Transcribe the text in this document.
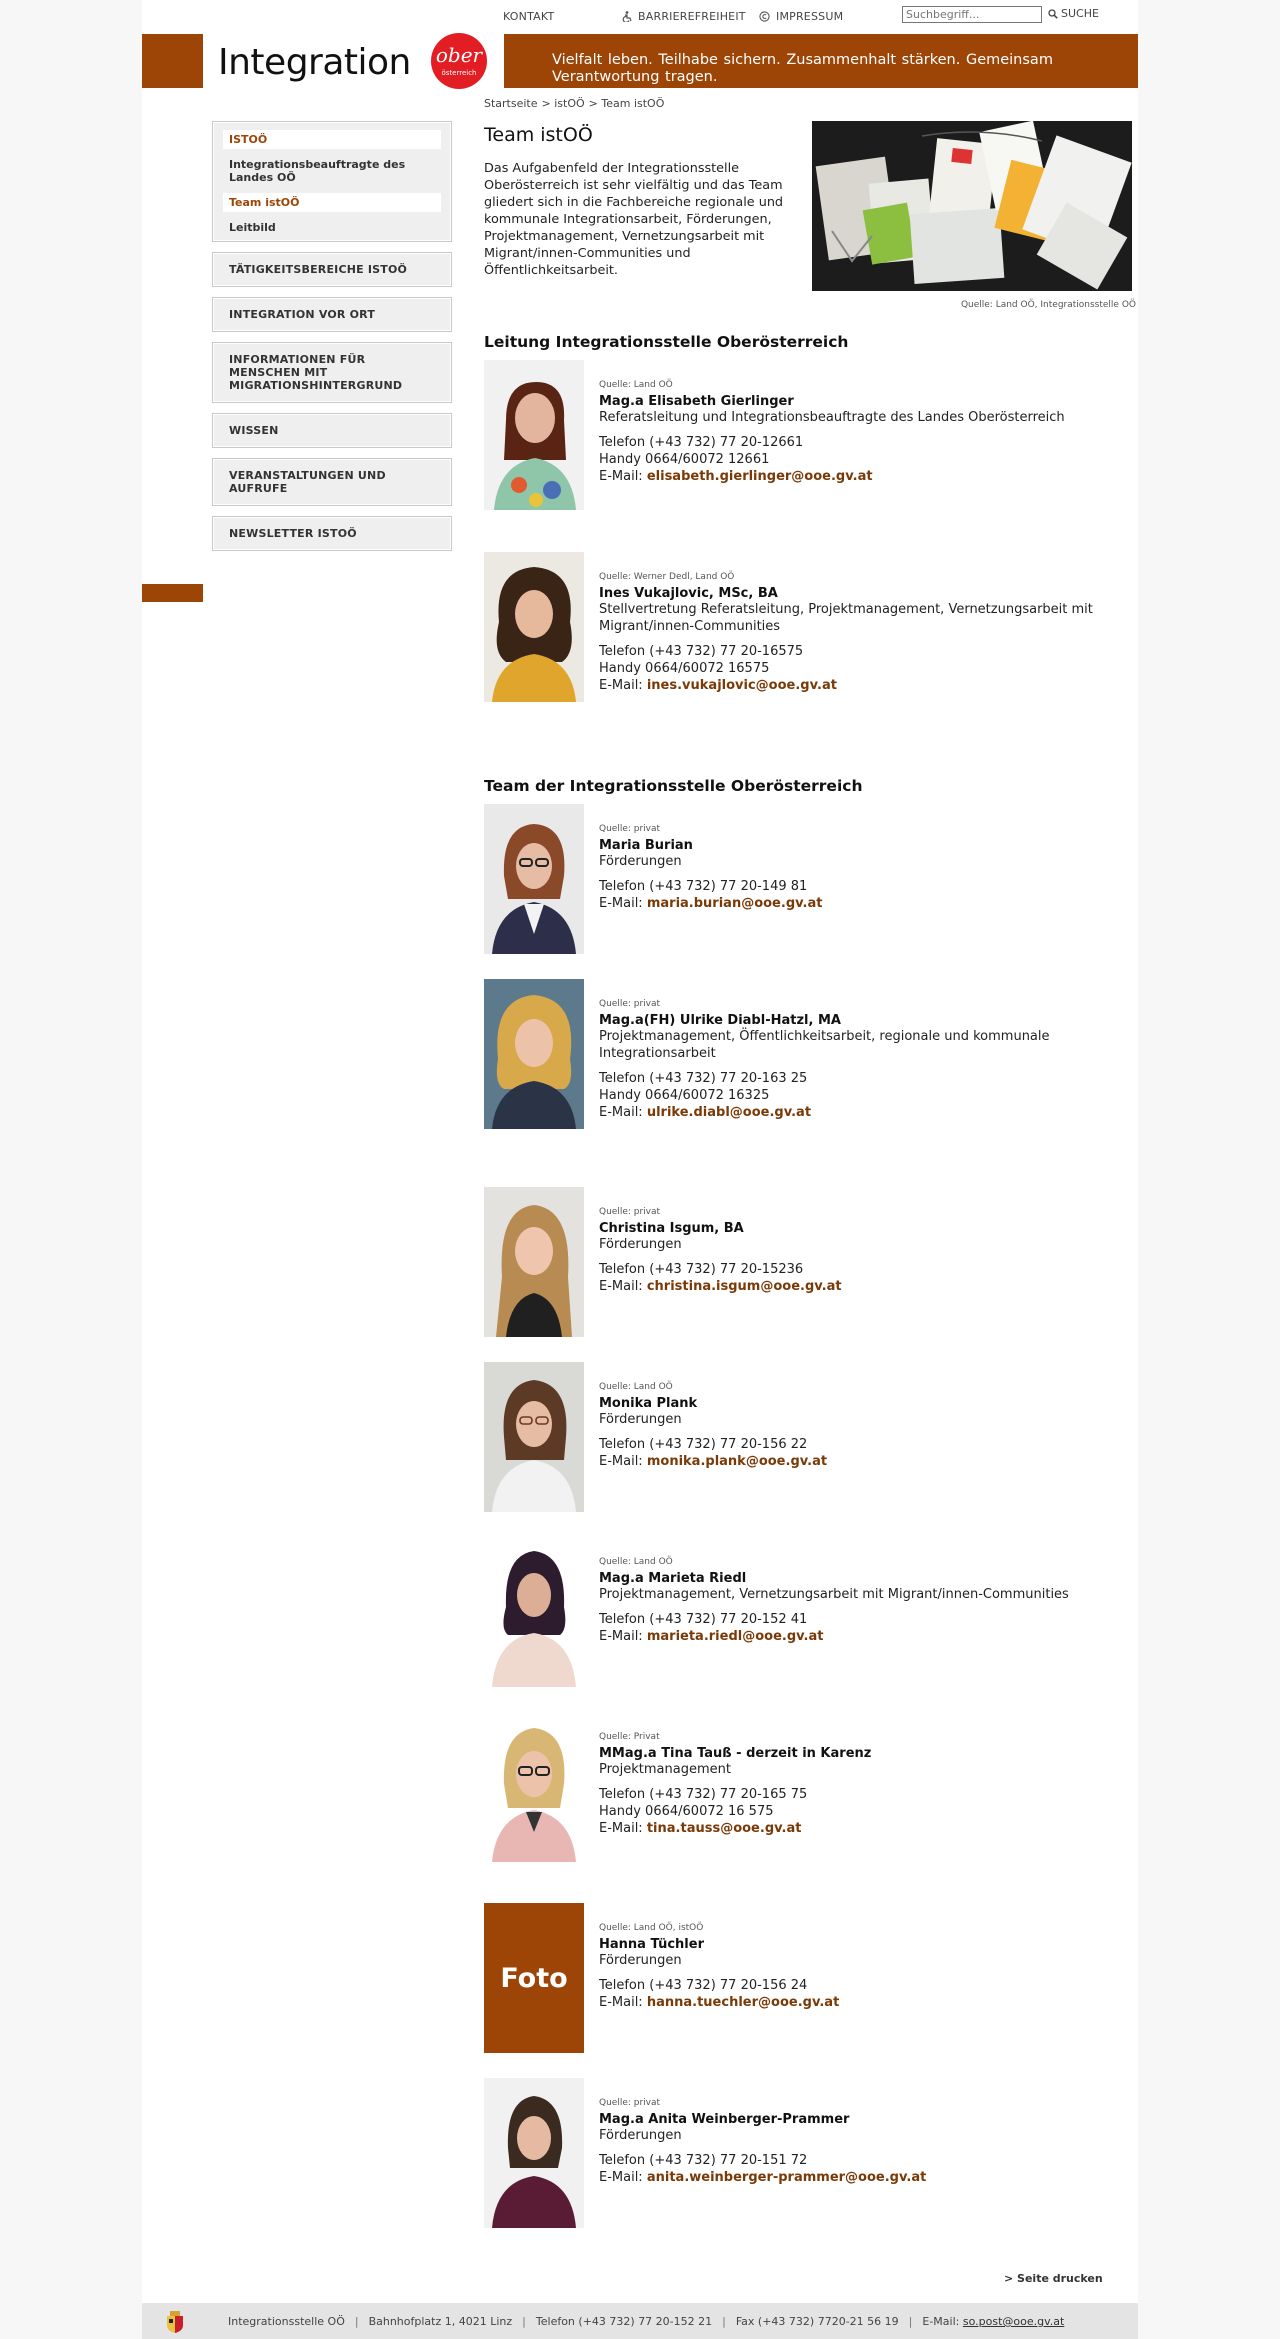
KONTAKT	BARRIEREFREIHEIT	IMPRESSUM
Suchbegriff...	SUCHE
Integration ober
österreich
Vielfalt leben. Teilhabe sichern. Zusammenhalt stärken. Gemeinsam Verantwortung tragen.
ISTOÖ
Integrationsbeauftragte des Landes OÖ
Team istOÖ
Leitbild
TÄTIGKEITSBEREICHE ISTOÖ
INTEGRATION VOR ORT
INFORMATIONEN FÜR MENSCHEN MIT MIGRATIONSHINTERGRUND
WISSEN
VERANSTALTUNGEN UND AUFRUFE
NEWSLETTER ISTOÖ
Startseite > istOÖ > Team istOÖ
Team istOÖ
Das Aufgabenfeld der Integrationsstelle Oberösterreich ist sehr vielfältig und das Team gliedert sich in die Fachbereiche regionale und kommunale Integrationsarbeit, Förderungen, Projektmanagement, Vernetzungsarbeit mit Migrant/innen-Communities und Öffentlichkeitsarbeit.
Quelle: Land OÖ, Integrationsstelle OÖ
Leitung Integrationsstelle Oberösterreich
Quelle: Land OÖ
Mag.a Elisabeth Gierlinger
Referatsleitung und Integrationsbeauftragte des Landes Oberösterreich
Telefon (+43 732) 77 20-12661
Handy 0664/60072 12661
E-Mail: elisabeth.gierlinger@ooe.gv.at
Quelle: Werner Dedl, Land OÖ
Ines Vukajlovic, MSc, BA
Stellvertretung Referatsleitung, Projektmanagement, Vernetzungsarbeit mit Migrant/innen-Communities
Telefon (+43 732) 77 20-16575
Handy 0664/60072 16575
E-Mail: ines.vukajlovic@ooe.gv.at
Team der Integrationsstelle Oberösterreich
Quelle: privat
Maria Burian
Förderungen
Telefon (+43 732) 77 20-149 81
E-Mail: maria.burian@ooe.gv.at
Quelle: privat
Mag.a(FH) Ulrike Diabl-Hatzl, MA
Projektmanagement, Öffentlichkeitsarbeit, regionale und kommunale Integrationsarbeit
Telefon (+43 732) 77 20-163 25
Handy 0664/60072 16325
E-Mail: ulrike.diabl@ooe.gv.at
Quelle: privat
Christina Isgum, BA
Förderungen
Telefon (+43 732) 77 20-15236
E-Mail: christina.isgum@ooe.gv.at
Quelle: Land OÖ
Monika Plank
Förderungen
Telefon (+43 732) 77 20-156 22
E-Mail: monika.plank@ooe.gv.at
Quelle: Land OÖ
Mag.a Marieta Riedl
Projektmanagement, Vernetzungsarbeit mit Migrant/innen-Communities
Telefon (+43 732) 77 20-152 41
E-Mail: marieta.riedl@ooe.gv.at
Quelle: Privat
MMag.a Tina Tauß - derzeit in Karenz
Projektmanagement
Telefon (+43 732) 77 20-165 75
Handy 0664/60072 16 575
E-Mail: tina.tauss@ooe.gv.at
Foto
Quelle: Land OÖ, istOÖ
Hanna Tüchler
Förderungen
Telefon (+43 732) 77 20-156 24
E-Mail: hanna.tuechler@ooe.gv.at
Quelle: privat
Mag.a Anita Weinberger-Prammer
Förderungen
Telefon (+43 732) 77 20-151 72
E-Mail: anita.weinberger-prammer@ooe.gv.at
> Seite drucken
Integrationsstelle OÖ | Bahnhofplatz 1, 4021 Linz | Telefon (+43 732) 77 20-152 21 | Fax (+43 732) 7720-21 56 19 | E-Mail: so.post@ooe.gv.at
